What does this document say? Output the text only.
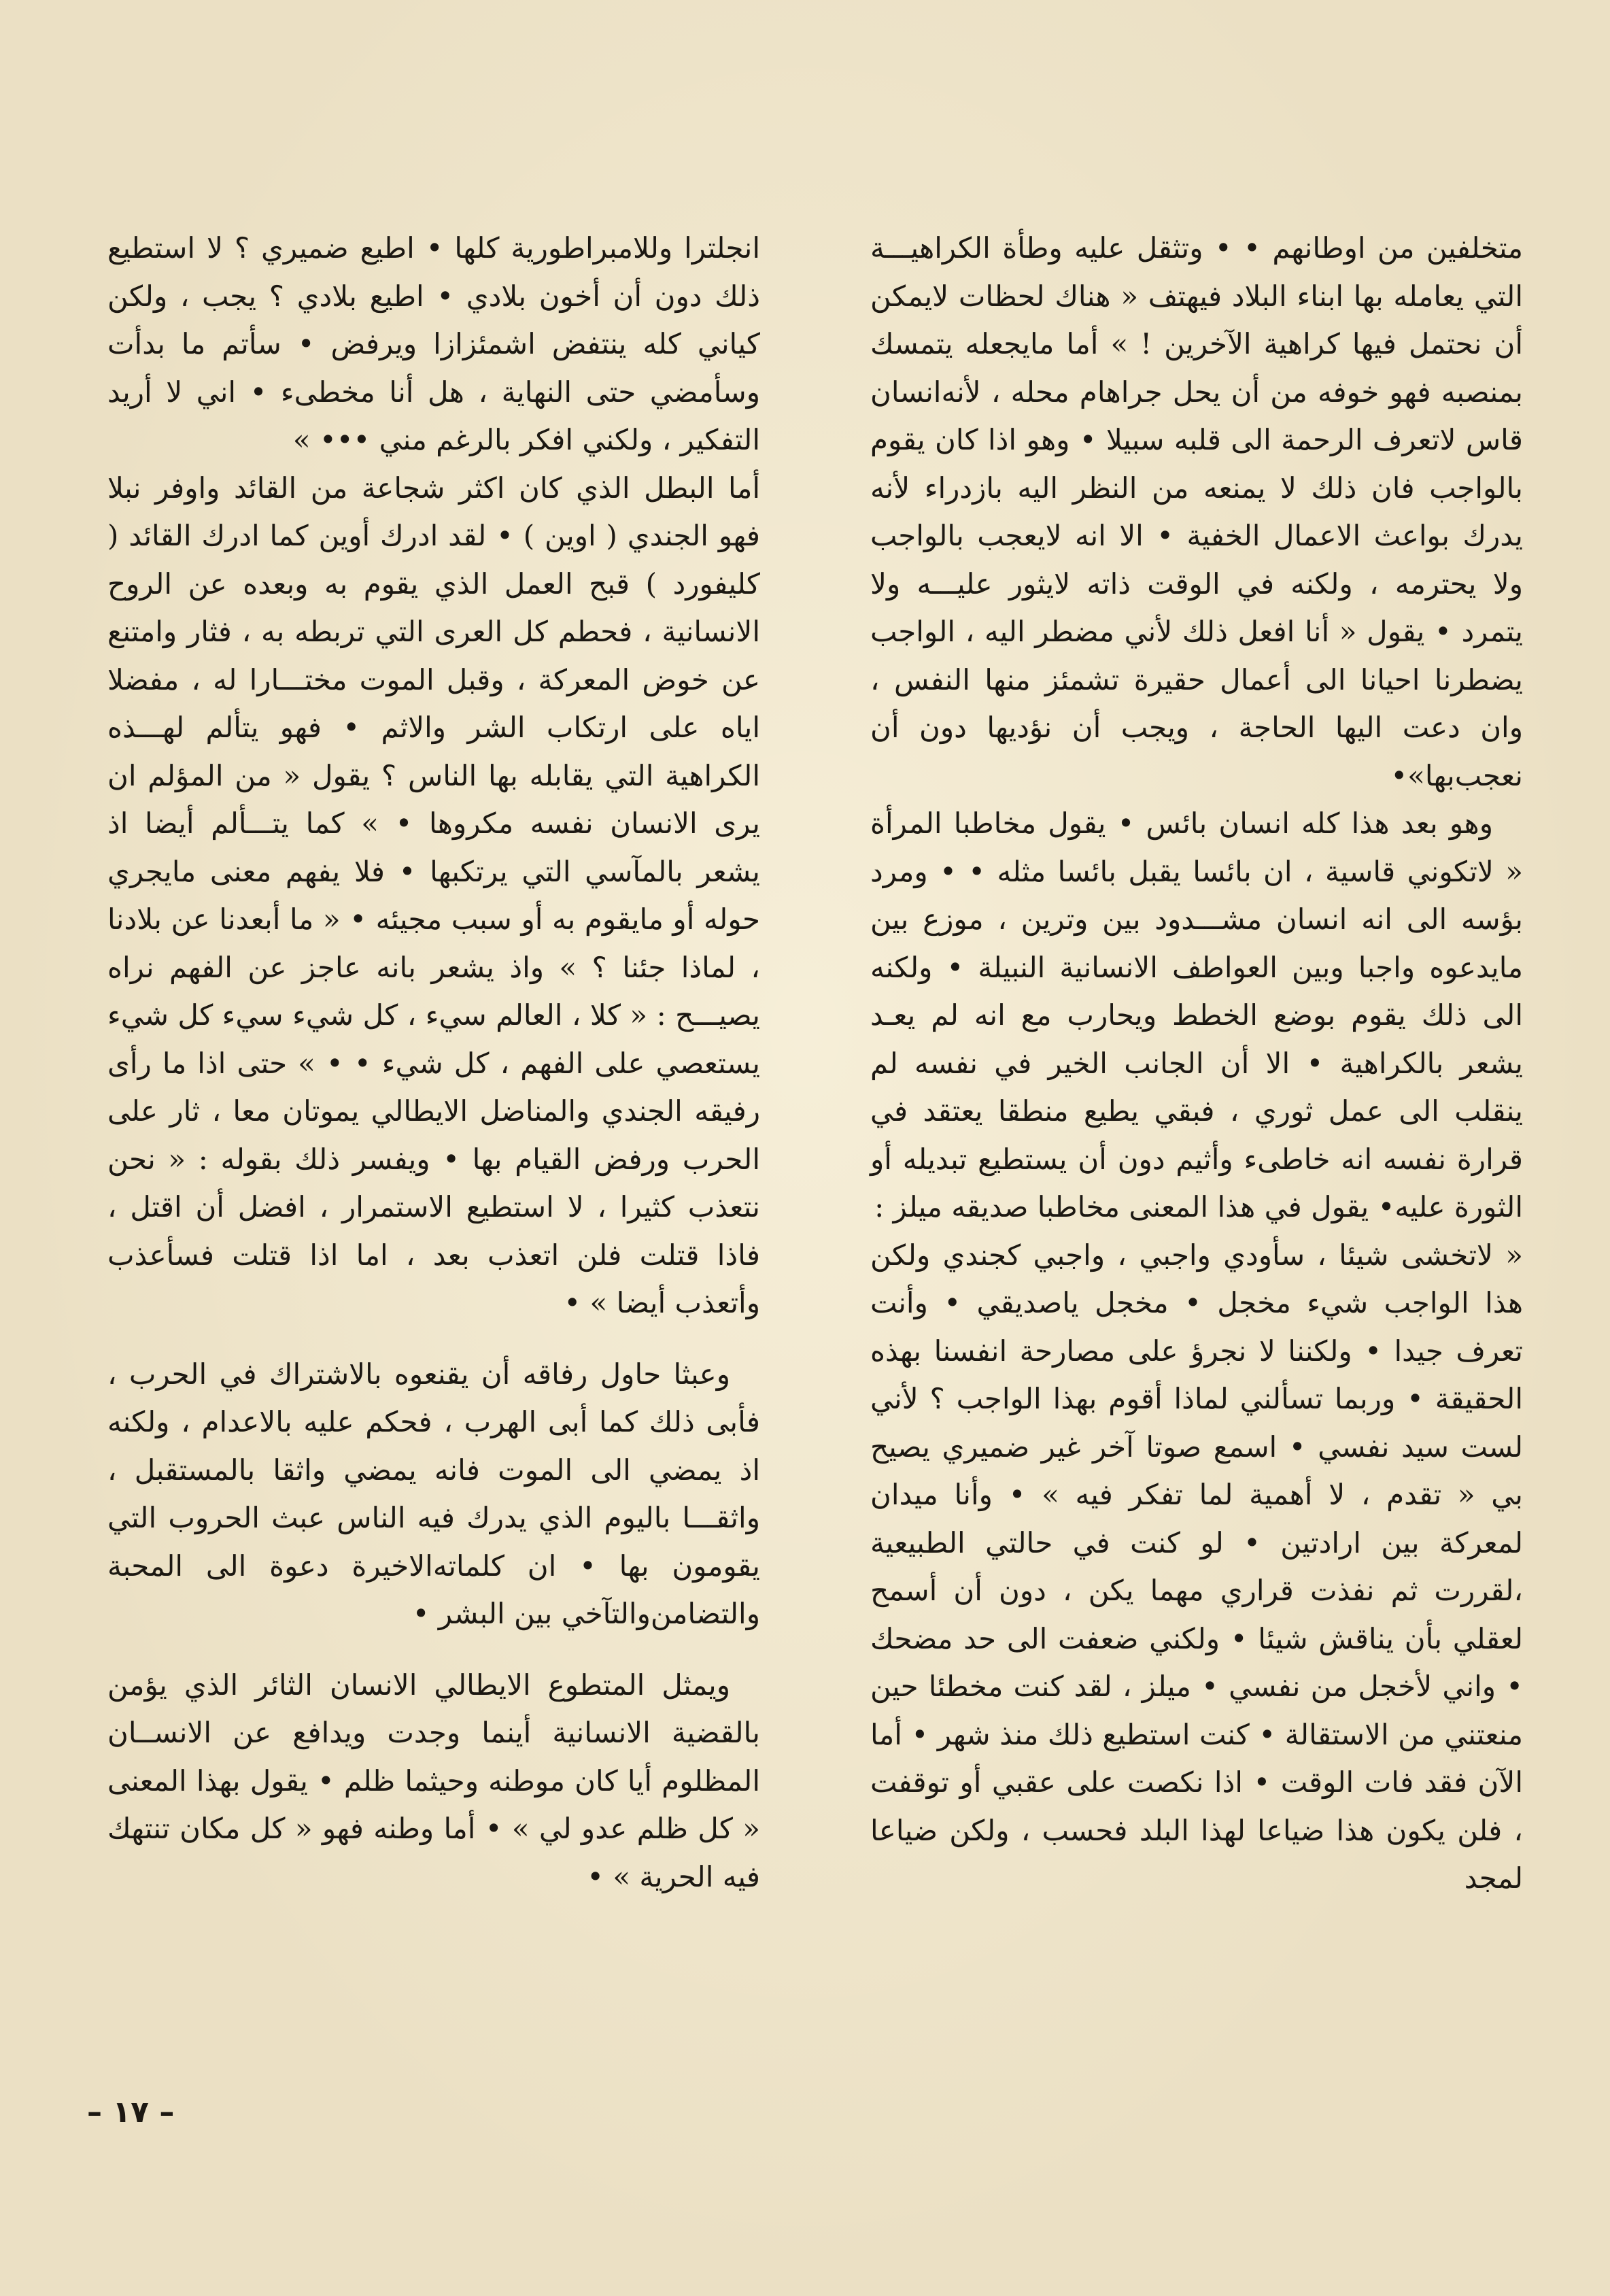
متخلفين من اوطانهم • • وتثقل عليه وطأة الكراهيـــة التي يعامله بها ابناء البلاد فيهتف « هناك لحظات لايمكن أن نحتمل فيها كراهية الآخرين ! » أما مايجعله يتمسك بمنصبه فهو خوفه من أن يحل جراهام محله ، لأنه‌انسان قاس لاتعرف الرحمة الى قلبه سبيلا • وهو اذا كان يقوم بالواجب فان ذلك لا يمنعه من النظر اليه بازدراء لأنه يدرك بواعث الاعمال الخفية • الا انه لايعجب بالواجب ولا يحترمه ، ولكنه في الوقت ذاته لايثور عليـــه ولا يتمرد • يقول « أنا افعل ذلك لأني مضطر اليه ، الواجب يضطرنا احيانا الى أعمال حقيرة تشمئز منها النفس ، وان دعت اليها الحاجة ، ويجب أن نؤديها دون أن نعجب‌بها»•

وهو بعد هذا كله انسان بائس • يقول مخاطبا المرأة « لاتكوني قاسية ، ان بائسا يقبل بائسا مثله • • ومرد بؤسه الى انه انسان مشـــدود بين وترين ، موزع بين مايدعوه واجبا وبين العواطف الانسانية النبيلة • ولكنه الى ذلك يقوم بوضع الخطط ويحارب مع انه لم يعـد يشعر بالكراهية • الا أن الجانب الخير في نفسه لم ينقلب الى عمل ثوري ، فبقي يطيع منطقا يعتقد في قرارة نفسه انه خاطىء وأثيم دون أن يستطيع تبديله أو الثورة عليه• يقول في هذا المعنى مخاطبا صديقه ميلز :

« لاتخشى شيئا ، سأودي واجبي ، واجبي كجندي ولكن هذا الواجب شيء مخجل • مخجل ياصديقي • وأنت تعرف جيدا • ولكننا لا نجرؤ على مصارحة انفسنا بهذه الحقيقة • وربما تسألني لماذا أقوم بهذا الواجب ؟ لأني لست سيد نفسي • اسمع صوتا آخر غير ضميري يصيح بي « تقدم ، لا أهمية لما تفكر فيه » • وأنا ميدان لمعركة بين ارادتين • لو كنت في حالتي الطبيعية ،لقررت ثم نفذت قراري مهما يكن ، دون أن أسمح لعقلي بأن يناقش شيئا • ولكني ضعفت الى حد مضحك • واني لأخجل من نفسي • ميلز ، لقد كنت مخطئا حين منعتني من الاستقالة • كنت استطيع ذلك منذ شهر • أما الآن فقد فات الوقت • اذا نكصت على عقبي أو توقفت ، فلن يكون هذا ضياعا لهذا البلد فحسب ، ولكن ضياعا لمجد

انجلترا وللامبراطورية كلها • اطيع ضميري ؟ لا استطيع ذلك دون أن أخون بلادي • اطيع بلادي ؟ يجب ، ولكن كياني كله ينتفض اشمئزازا ويرفض • سأتم ما بدأت وسأمضي حتى النهاية ، هل أنا مخطىء • اني لا أريد التفكير ، ولكني افكر بالرغم مني ••• »

أما البطل الذي كان اكثر شجاعة من القائد واوفر نبلا فهو الجندي ( اوين ) • لقد ادرك أوين كما ادرك القائد ( كليفورد ) قبح العمل الذي يقوم به وبعده عن الروح الانسانية ، فحطم كل العرى التي تربطه به ، فثار وامتنع عن خوض المعركة ، وقبل الموت مختـــارا له ، مفضلا اياه على ارتكاب الشر والاثم • فهو يتألم لهـــذه الكراهية التي يقابله بها الناس ؟ يقول « من المؤلم ان يرى الانسان نفسه مكروها • » كما يتـــألم أيضا اذ يشعر بالمآسي التي يرتكبها • فلا يفهم معنى مايجري حوله أو مايقوم به أو سبب مجيئه • « ما أبعدنا عن بلادنا ، لماذا جئنا ؟ » واذ يشعر بانه عاجز عن الفهم نراه يصيـــح : « كلا ، العالم سيء ، كل شيء سيء كل شيء يستعصي على الفهم ، كل شيء • • » حتى اذا ما رأى رفيقه الجندي والمناضل الايطالي يموتان معا ، ثار على الحرب ورفض القيام بها • ويفسر ذلك بقوله : « نحن نتعذب كثيرا ، لا استطيع الاستمرار ، افضل أن اقتل ، فاذا قتلت فلن اتعذب بعد ، اما اذا قتلت فسأعذب وأتعذب أيضا » •

وعبثا حاول رفاقه أن يقنعوه بالاشتراك في الحرب ، فأبى ذلك كما أبى الهرب ، فحكم عليه بالاعدام ، ولكنه اذ يمضي الى الموت فانه يمضي واثقا بالمستقبل ، واثقـــا باليوم الذي يدرك فيه الناس عبث الحروب التي يقومون بها • ان كلماته‌الاخيرة دعوة الى المحبة والتضامن‌والتآخي بين البشر •

ويمثل المتطوع الايطالي الانسان الثائر الذي يؤمن بالقضية الانسانية أينما وجدت ويدافع عن الانســان المظلوم أيا كان موطنه وحيثما ظلم • يقول بهذا المعنى « كل ظلم عدو لي » • أما وطنه فهو « كل مكان تنتهك فيه الحرية » •

– ١٧ –
